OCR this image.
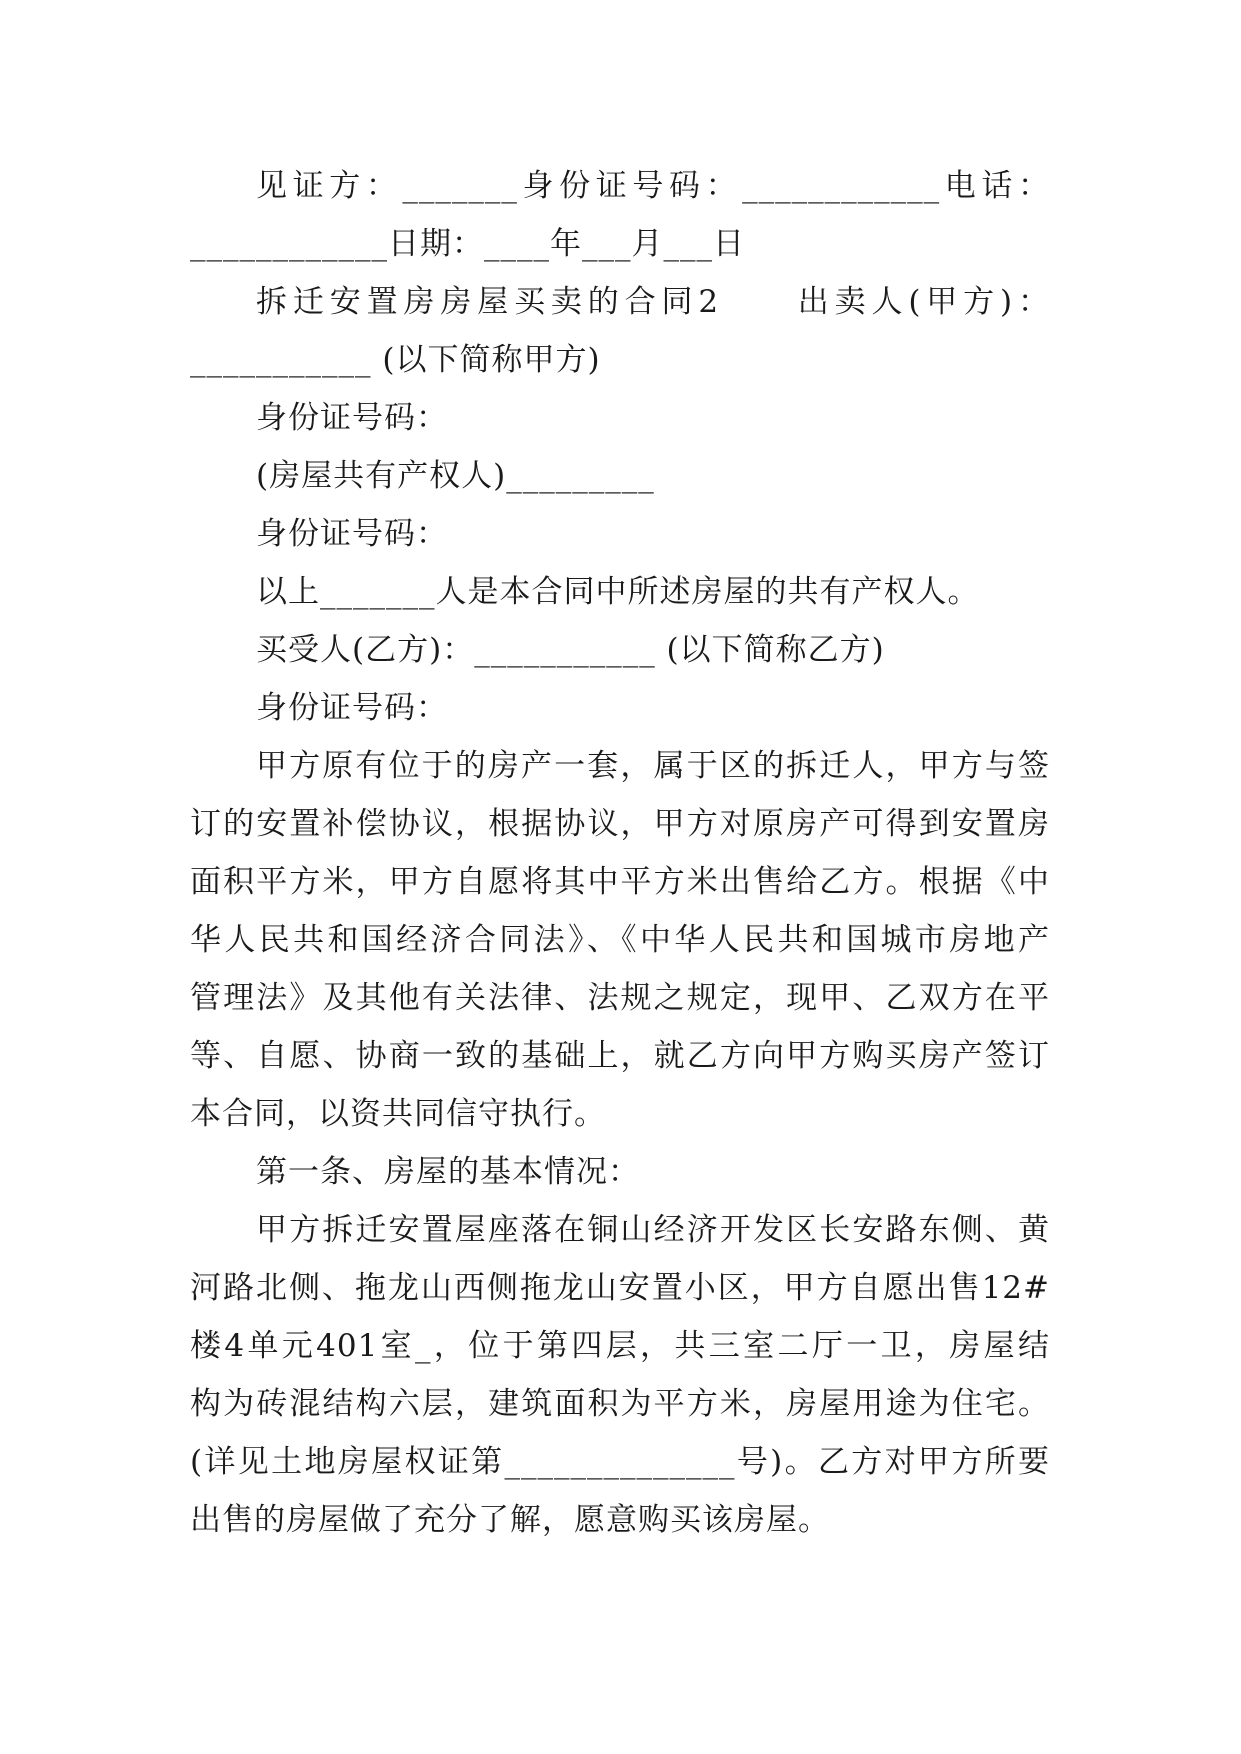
见证方：_______身份证号码：____________电话：
____________日期：____年___月___日
拆迁安置房房屋买卖的合同2　　出卖人(甲方)：
___________ (以下简称甲方)
身份证号码：
(房屋共有产权人)_________
身份证号码：
以上_______人是本合同中所述房屋的共有产权人。
买受人(乙方)：___________ (以下简称乙方)
身份证号码：
甲方原有位于的房产一套，属于区的拆迁人，甲方与签
订的安置补偿协议，根据协议，甲方对原房产可得到安置房
面积平方米，甲方自愿将其中平方米出售给乙方。根据《中
华人民共和国经济合同法》、《中华人民共和国城市房地产
管理法》及其他有关法律、法规之规定，现甲、乙双方在平
等、自愿、协商一致的基础上，就乙方向甲方购买房产签订
本合同，以资共同信守执行。
第一条、房屋的基本情况：
甲方拆迁安置屋座落在铜山经济开发区长安路东侧、黄
河路北侧、拖龙山西侧拖龙山安置小区，甲方自愿出售12#
楼4单元401室_，位于第四层，共三室二厅一卫，房屋结
构为砖混结构六层，建筑面积为平方米，房屋用途为住宅。
(详见土地房屋权证第______________号)。乙方对甲方所要
出售的房屋做了充分了解，愿意购买该房屋。
